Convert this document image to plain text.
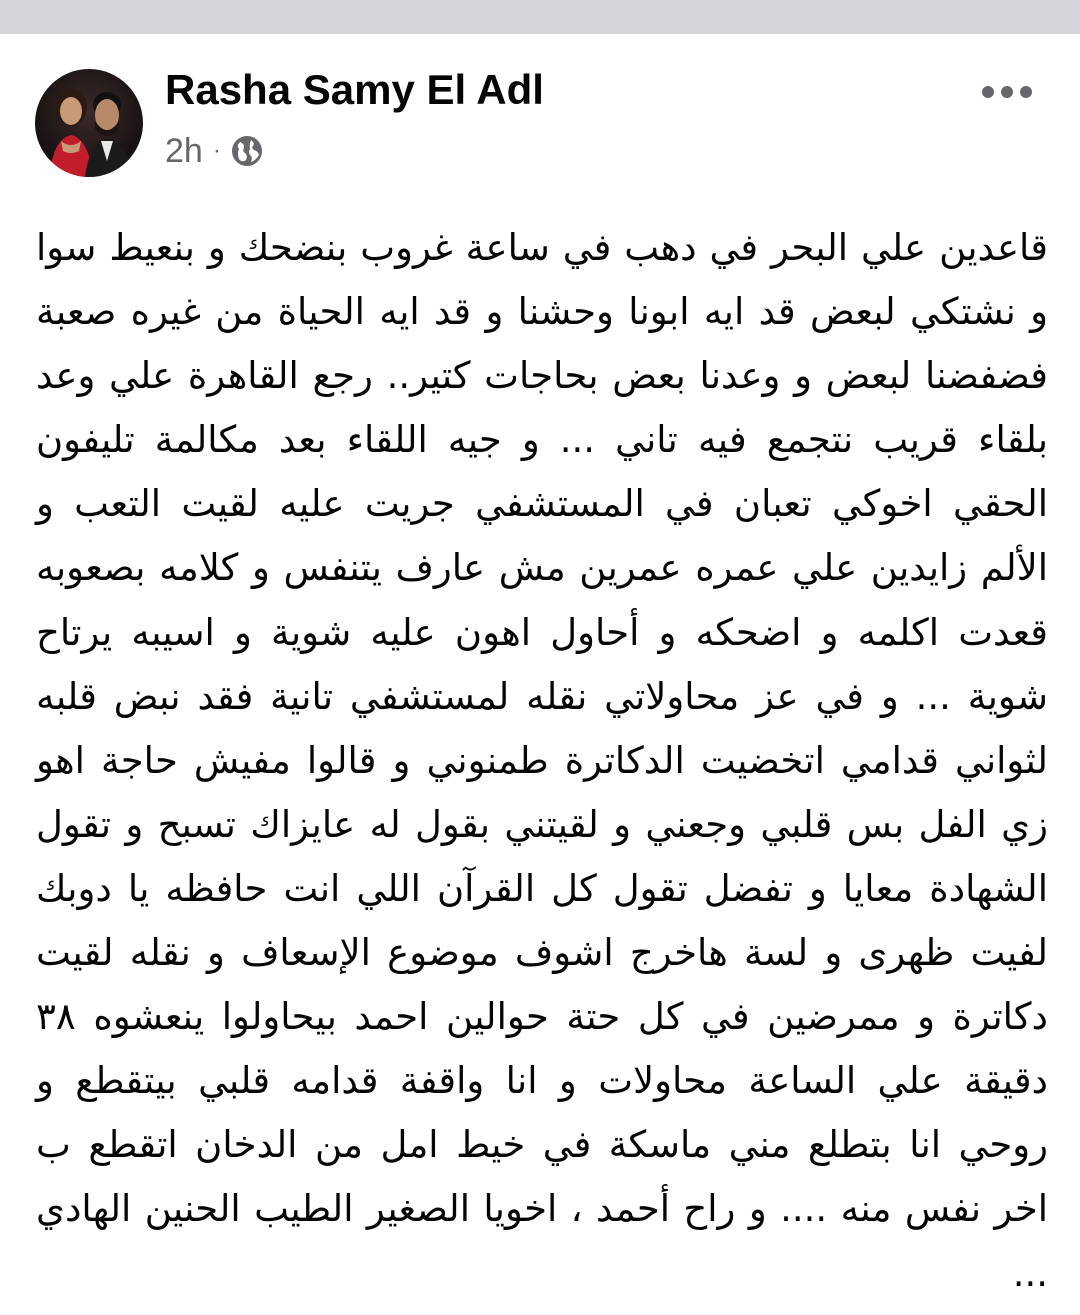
Rasha Samy El Adl
2h ·

قاعدين علي البحر في دهب في ساعة غروب بنضحك و بنعيط سوا و نشتكي لبعض قد ايه ابونا وحشنا و قد ايه الحياة من غيره صعبة فضفضنا لبعض و وعدنا بعض بحاجات كتير.. رجع القاهرة علي وعد بلقاء قريب نتجمع فيه تاني ... و جيه اللقاء بعد مكالمة تليفون الحقي اخوكي تعبان في المستشفي جريت عليه لقيت التعب و الألم زايدين علي عمره عمرين مش عارف يتنفس و كلامه بصعوبه قعدت اكلمه و اضحكه و أحاول اهون عليه شوية و اسيبه يرتاح شوية ... و في عز محاولاتي نقله لمستشفي تانية فقد نبض قلبه لثواني قدامي اتخضيت الدكاترة طمنوني و قالوا مفيش حاجة اهو زي الفل بس قلبي وجعني و لقيتني بقول له عايزاك تسبح و تقول الشهادة معايا و تفضل تقول كل القرآن اللي انت حافظه يا دوبك لفيت ظهرى و لسة هاخرج اشوف موضوع الإسعاف و نقله لقيت دكاترة و ممرضين في كل حتة حوالين احمد بيحاولوا ينعشوه ٣٨ دقيقة علي الساعة محاولات و انا واقفة قدامه قلبي بيتقطع و روحي انا بتطلع مني ماسكة في خيط امل من الدخان اتقطع ب اخر نفس منه .... و راح أحمد ، اخويا الصغير الطيب الحنين الهادي ...
